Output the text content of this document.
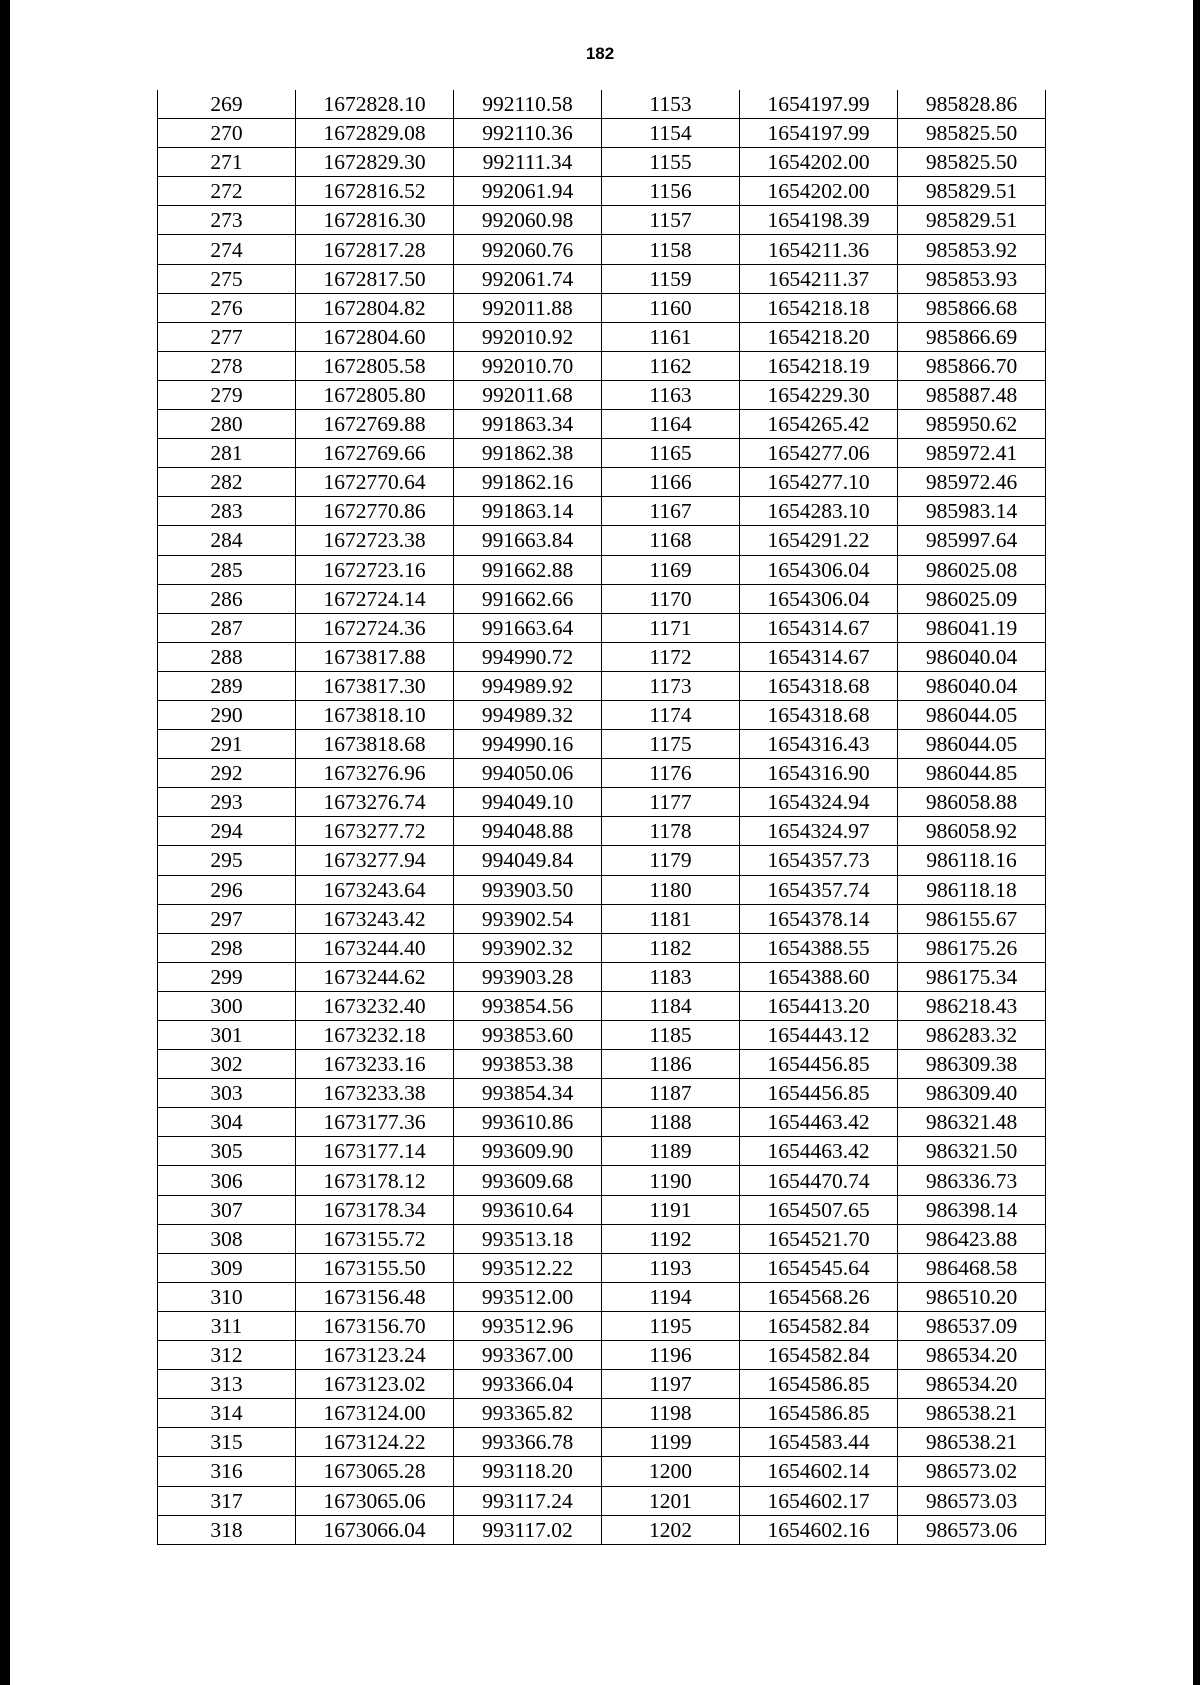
182
269	1672828.10	992110.58	1153	1654197.99	985828.86
270	1672829.08	992110.36	1154	1654197.99	985825.50
271	1672829.30	992111.34	1155	1654202.00	985825.50
272	1672816.52	992061.94	1156	1654202.00	985829.51
273	1672816.30	992060.98	1157	1654198.39	985829.51
274	1672817.28	992060.76	1158	1654211.36	985853.92
275	1672817.50	992061.74	1159	1654211.37	985853.93
276	1672804.82	992011.88	1160	1654218.18	985866.68
277	1672804.60	992010.92	1161	1654218.20	985866.69
278	1672805.58	992010.70	1162	1654218.19	985866.70
279	1672805.80	992011.68	1163	1654229.30	985887.48
280	1672769.88	991863.34	1164	1654265.42	985950.62
281	1672769.66	991862.38	1165	1654277.06	985972.41
282	1672770.64	991862.16	1166	1654277.10	985972.46
283	1672770.86	991863.14	1167	1654283.10	985983.14
284	1672723.38	991663.84	1168	1654291.22	985997.64
285	1672723.16	991662.88	1169	1654306.04	986025.08
286	1672724.14	991662.66	1170	1654306.04	986025.09
287	1672724.36	991663.64	1171	1654314.67	986041.19
288	1673817.88	994990.72	1172	1654314.67	986040.04
289	1673817.30	994989.92	1173	1654318.68	986040.04
290	1673818.10	994989.32	1174	1654318.68	986044.05
291	1673818.68	994990.16	1175	1654316.43	986044.05
292	1673276.96	994050.06	1176	1654316.90	986044.85
293	1673276.74	994049.10	1177	1654324.94	986058.88
294	1673277.72	994048.88	1178	1654324.97	986058.92
295	1673277.94	994049.84	1179	1654357.73	986118.16
296	1673243.64	993903.50	1180	1654357.74	986118.18
297	1673243.42	993902.54	1181	1654378.14	986155.67
298	1673244.40	993902.32	1182	1654388.55	986175.26
299	1673244.62	993903.28	1183	1654388.60	986175.34
300	1673232.40	993854.56	1184	1654413.20	986218.43
301	1673232.18	993853.60	1185	1654443.12	986283.32
302	1673233.16	993853.38	1186	1654456.85	986309.38
303	1673233.38	993854.34	1187	1654456.85	986309.40
304	1673177.36	993610.86	1188	1654463.42	986321.48
305	1673177.14	993609.90	1189	1654463.42	986321.50
306	1673178.12	993609.68	1190	1654470.74	986336.73
307	1673178.34	993610.64	1191	1654507.65	986398.14
308	1673155.72	993513.18	1192	1654521.70	986423.88
309	1673155.50	993512.22	1193	1654545.64	986468.58
310	1673156.48	993512.00	1194	1654568.26	986510.20
311	1673156.70	993512.96	1195	1654582.84	986537.09
312	1673123.24	993367.00	1196	1654582.84	986534.20
313	1673123.02	993366.04	1197	1654586.85	986534.20
314	1673124.00	993365.82	1198	1654586.85	986538.21
315	1673124.22	993366.78	1199	1654583.44	986538.21
316	1673065.28	993118.20	1200	1654602.14	986573.02
317	1673065.06	993117.24	1201	1654602.17	986573.03
318	1673066.04	993117.02	1202	1654602.16	986573.06
